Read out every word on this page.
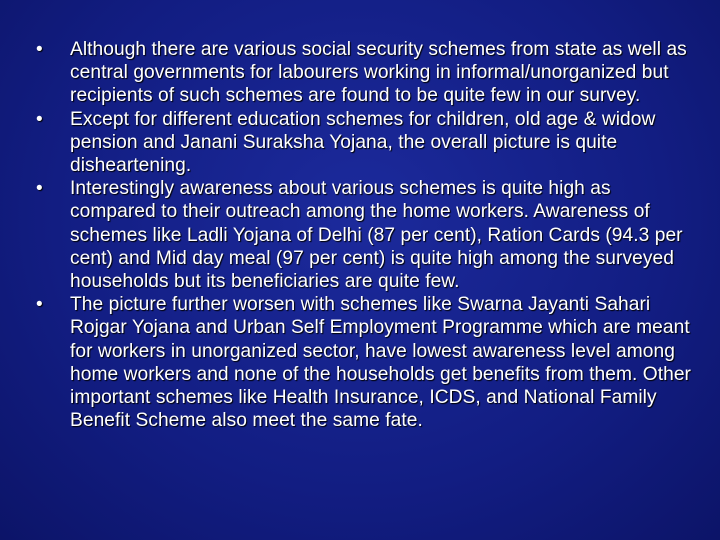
• Although there are various social security schemes from state as well as central governments for labourers working in informal/unorganized but recipients of such schemes are found to be quite few in our survey.
• Except for different education schemes for children, old age & widow pension and Janani Suraksha Yojana, the overall picture is quite disheartening.
• Interestingly awareness about various schemes is quite high as compared to their outreach among the home workers. Awareness of schemes like Ladli Yojana of Delhi (87 per cent), Ration Cards (94.3 per cent) and Mid day meal (97 per cent) is quite high among the surveyed households but its beneficiaries are quite few.
• The picture further worsen with schemes like Swarna Jayanti Sahari Rojgar Yojana and Urban Self Employment Programme which are meant for workers in unorganized sector, have lowest awareness level among home workers and none of the households get benefits from them. Other important schemes like Health Insurance, ICDS, and National Family Benefit Scheme also meet the same fate.
